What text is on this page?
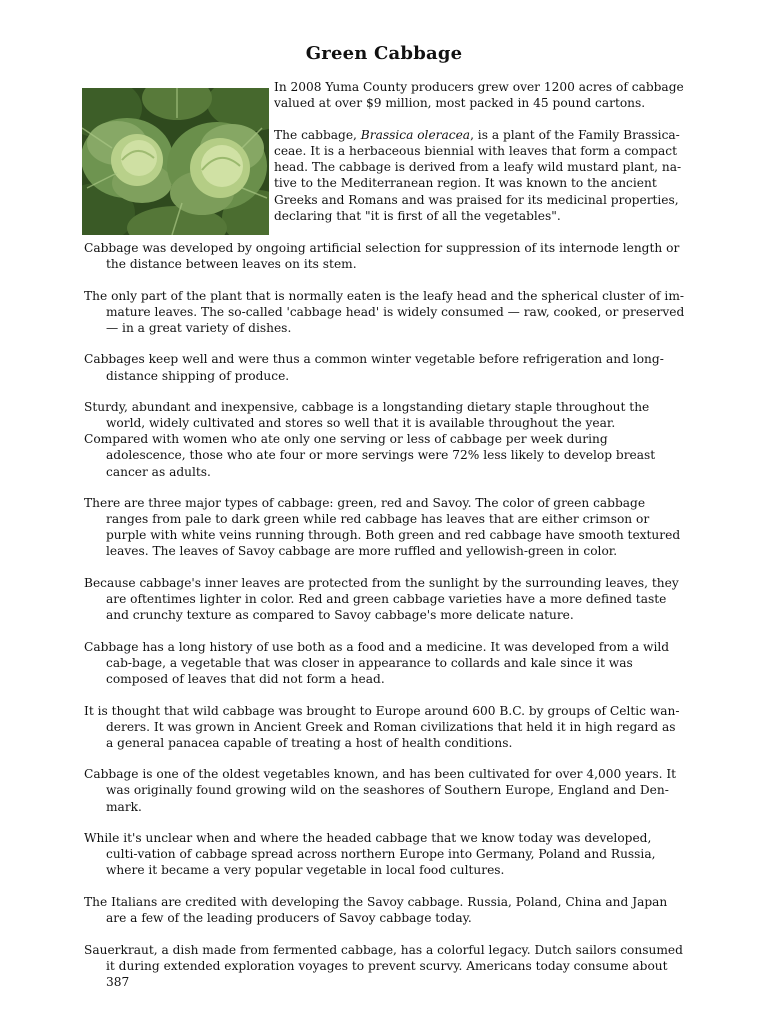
Green Cabbage

In 2008 Yuma County producers grew over 1200 acres of cabbage valued at over $9 million, most packed in 45 pound cartons.

The cabbage, Brassica oleracea, is a plant of the Family Brassica-ceae. It is a herbaceous biennial with leaves that form a compact head. The cabbage is derived from a leafy wild mustard plant, na-tive to the Mediterranean region. It was known to the ancient Greeks and Romans and was praised for its medicinal properties, declaring that "it is first of all the vegetables".

Cabbage was developed by ongoing artificial selection for suppression of its internode length or the distance between leaves on its stem.

The only part of the plant that is normally eaten is the leafy head and the spherical cluster of im-mature leaves. The so-called 'cabbage head' is widely consumed — raw, cooked, or preserved — in a great variety of dishes.

Cabbages keep well and were thus a common winter vegetable before refrigeration and long-distance shipping of produce.

Sturdy, abundant and inexpensive, cabbage is a longstanding dietary staple throughout the world, widely cultivated and stores so well that it is available throughout the year.

Compared with women who ate only one serving or less of cabbage per week during adolescence, those who ate four or more servings were 72% less likely to develop breast cancer as adults.

There are three major types of cabbage: green, red and Savoy. The color of green cabbage ranges from pale to dark green while red cabbage has leaves that are either crimson or purple with white veins running through. Both green and red cabbage have smooth textured leaves. The leaves of Savoy cabbage are more ruffled and yellowish-green in color.

Because cabbage's inner leaves are protected from the sunlight by the surrounding leaves, they are oftentimes lighter in color. Red and green cabbage varieties have a more defined taste and crunchy texture as compared to Savoy cabbage's more delicate nature.

Cabbage has a long history of use both as a food and a medicine. It was developed from a wild cab-bage, a vegetable that was closer in appearance to collards and kale since it was composed of leaves that did not form a head.

It is thought that wild cabbage was brought to Europe around 600 B.C. by groups of Celtic wan-derers. It was grown in Ancient Greek and Roman civilizations that held it in high regard as a general panacea capable of treating a host of health conditions.

Cabbage is one of the oldest vegetables known, and has been cultivated for over 4,000 years. It was originally found growing wild on the seashores of Southern Europe, England and Den-mark.

While it's unclear when and where the headed cabbage that we know today was developed, culti-vation of cabbage spread across northern Europe into Germany, Poland and Russia, where it became a very popular vegetable in local food cultures.

The Italians are credited with developing the Savoy cabbage. Russia, Poland, China and Japan are a few of the leading producers of Savoy cabbage today.

Sauerkraut, a dish made from fermented cabbage, has a colorful legacy. Dutch sailors consumed it during extended exploration voyages to prevent scurvy. Americans today consume about 387
